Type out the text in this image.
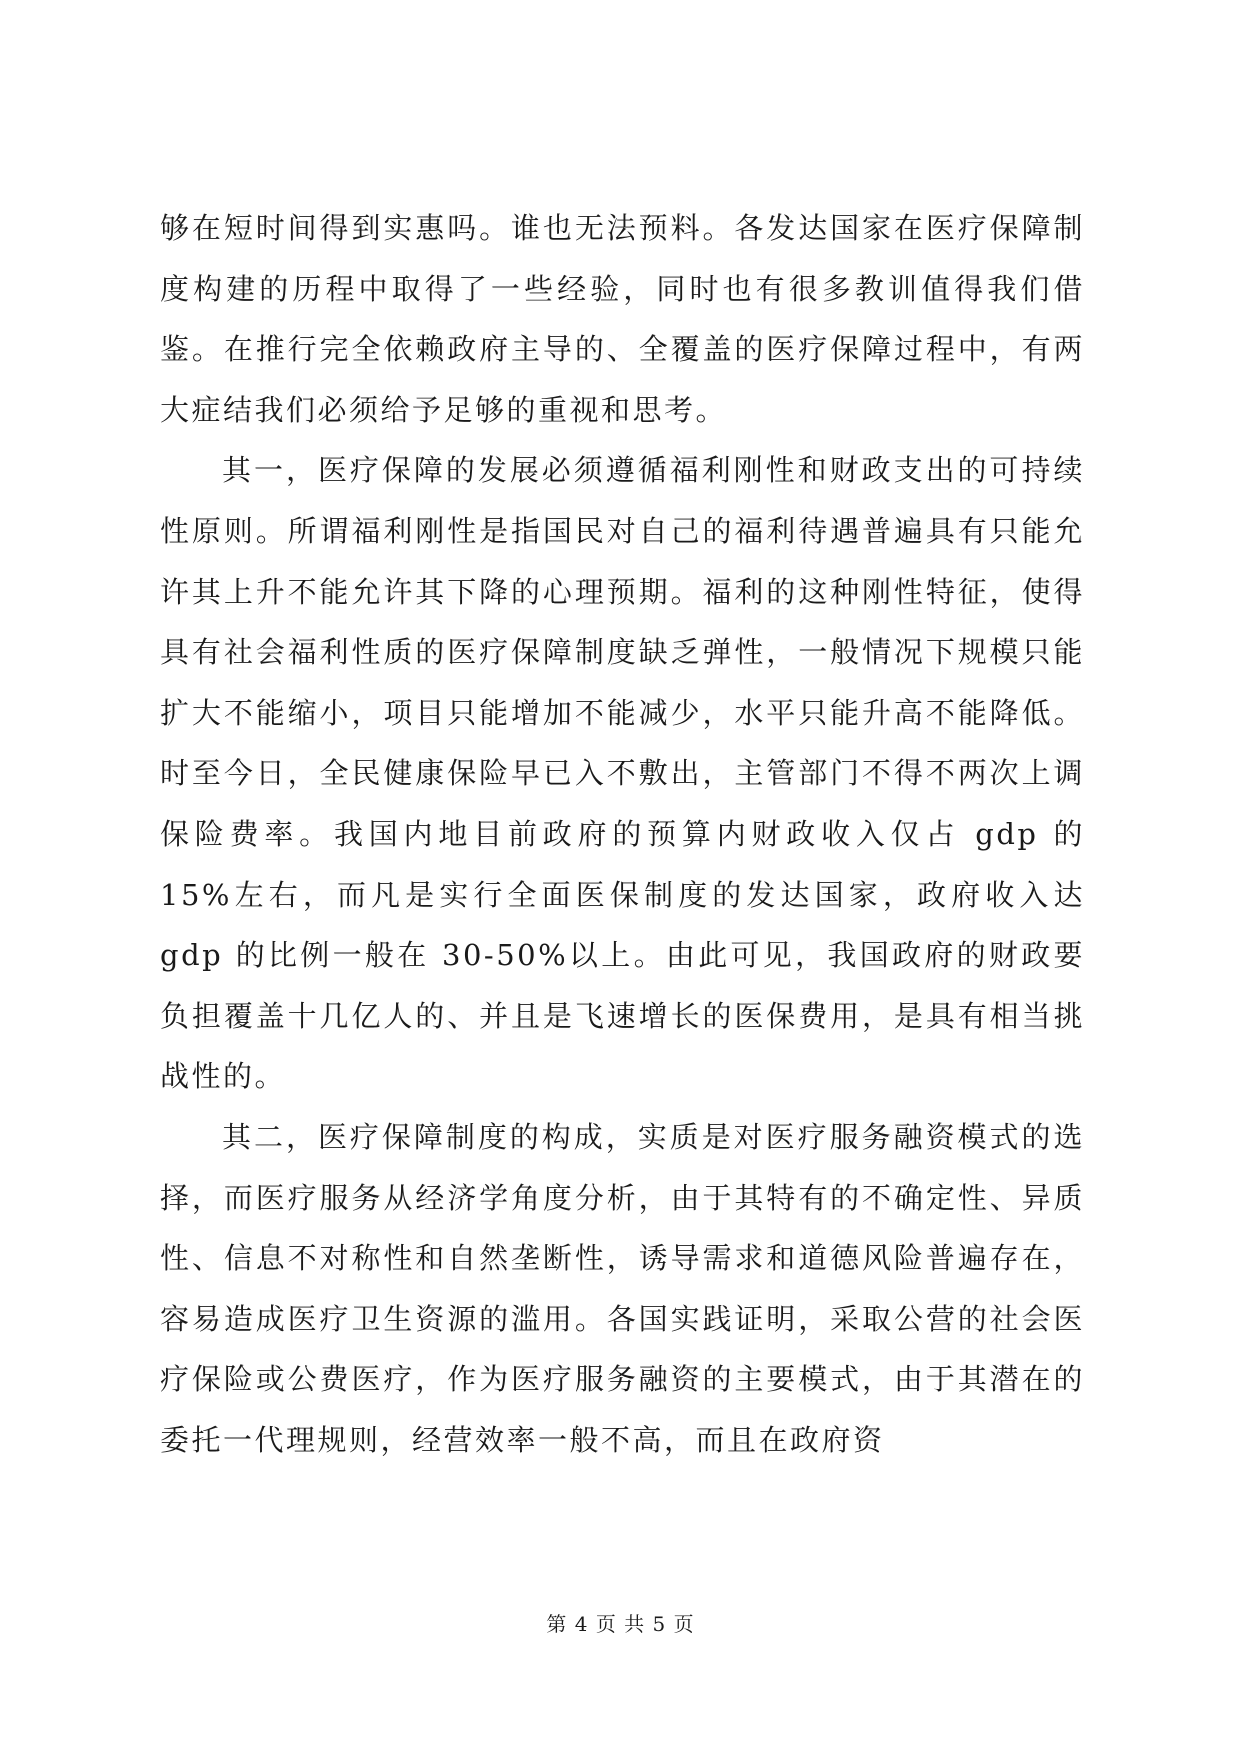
够在短时间得到实惠吗。谁也无法预料。各发达国家在医疗保障制度构建的历程中取得了一些经验，同时也有很多教训值得我们借鉴。在推行完全依赖政府主导的、全覆盖的医疗保障过程中，有两大症结我们必须给予足够的重视和思考。

其一，医疗保障的发展必须遵循福利刚性和财政支出的可持续性原则。所谓福利刚性是指国民对自己的福利待遇普遍具有只能允许其上升不能允许其下降的心理预期。福利的这种刚性特征，使得具有社会福利性质的医疗保障制度缺乏弹性，一般情况下规模只能扩大不能缩小，项目只能增加不能减少，水平只能升高不能降低。时至今日，全民健康保险早已入不敷出，主管部门不得不两次上调保险费率。我国内地目前政府的预算内财政收入仅占 gdp 的 15%左右，而凡是实行全面医保制度的发达国家，政府收入达 gdp 的比例一般在 30-50%以上。由此可见，我国政府的财政要负担覆盖十几亿人的、并且是飞速增长的医保费用，是具有相当挑战性的。

其二，医疗保障制度的构成，实质是对医疗服务融资模式的选择，而医疗服务从经济学角度分析，由于其特有的不确定性、异质性、信息不对称性和自然垄断性，诱导需求和道德风险普遍存在，容易造成医疗卫生资源的滥用。各国实践证明，采取公营的社会医疗保险或公费医疗，作为医疗服务融资的主要模式，由于其潜在的委托一代理规则，经营效率一般不高，而且在政府资

第 4 页 共 5 页
